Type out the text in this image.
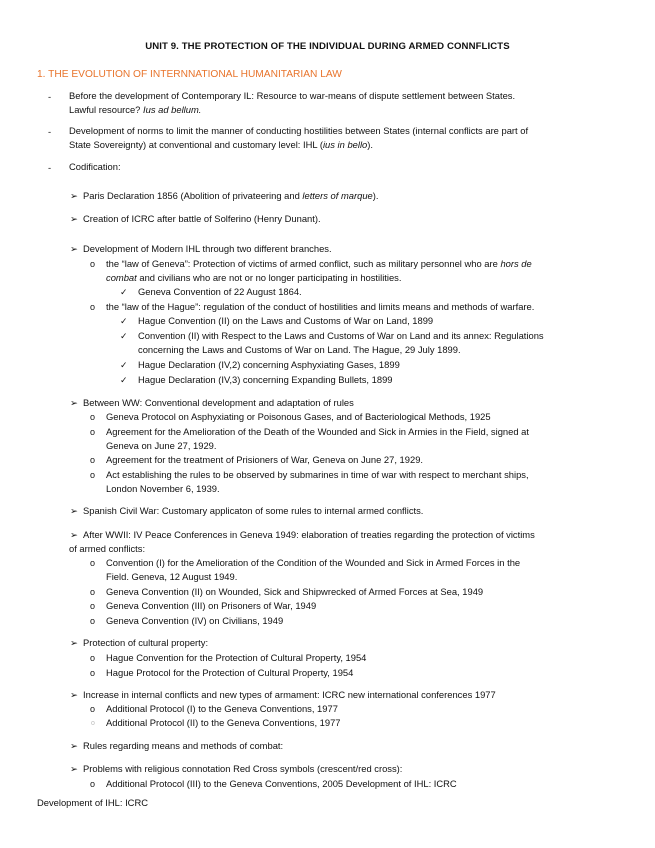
UNIT 9. THE PROTECTION OF THE INDIVIDUAL DURING ARMED CONNFLICTS
1. THE EVOLUTION OF INTERNNATIONAL HUMANITARIAN LAW
- Before the development of Contemporary IL: Resource to war-means of dispute settlement between States.
Lawful resource? Ius ad bellum.
- Development of norms to limit the manner of conducting hostilities between States (internal conflicts are part of
State Sovereignty) at conventional and customary level: IHL (ius in bello).
- Codification:
➢ Paris Declaration 1856 (Abolition of privateering and letters of marque).
➢ Creation of ICRC after battle of Solferino (Henry Dunant).
➢ Development of Modern IHL through two different branches.
o the “law of Geneva”: Protection of victims of armed conflict, such as military personnel who are hors de
combat and civilians who are not or no longer participating in hostilities.
✓ Geneva Convention of 22 August 1864.
o the “law of the Hague”: regulation of the conduct of hostilities and limits means and methods of warfare.
✓ Hague Convention (II) on the Laws and Customs of War on Land, 1899
✓ Convention (II) with Respect to the Laws and Customs of War on Land and its annex: Regulations
concerning the Laws and Customs of War on Land. The Hague, 29 July 1899.
✓ Hague Declaration (IV,2) concerning Asphyxiating Gases, 1899
✓ Hague Declaration (IV,3) concerning Expanding Bullets, 1899
➢ Between WW: Conventional development and adaptation of rules
o Geneva Protocol on Asphyxiating or Poisonous Gases, and of Bacteriological Methods, 1925
o Agreement for the Amelioration of the Death of the Wounded and Sick in Armies in the Field, signed at
Geneva on June 27, 1929.
o Agreement for the treatment of Prisioners of War, Geneva on June 27, 1929.
o Act establishing the rules to be observed by submarines in time of war with respect to merchant ships,
London November 6, 1939.
➢ Spanish Civil War: Customary applicaton of some rules to internal armed conflicts.
➢ After WWII: IV Peace Conferences in Geneva 1949: elaboration of treaties regarding the protection of victims
of armed conflicts:
o Convention (I) for the Amelioration of the Condition of the Wounded and Sick in Armed Forces in the
Field. Geneva, 12 August 1949.
o Geneva Convention (II) on Wounded, Sick and Shipwrecked of Armed Forces at Sea, 1949
o Geneva Convention (III) on Prisoners of War, 1949
o Geneva Convention (IV) on Civilians, 1949
➢ Protection of cultural property:
o Hague Convention for the Protection of Cultural Property, 1954
o Hague Protocol for the Protection of Cultural Property, 1954
➢ Increase in internal conflicts and new types of armament: ICRC new international conferences 1977
o Additional Protocol (I) to the Geneva Conventions, 1977
o Additional Protocol (II) to the Geneva Conventions, 1977
➢ Rules regarding means and methods of combat:
➢ Problems with religious connotation Red Cross symbols (crescent/red cross):
o Additional Protocol (III) to the Geneva Conventions, 2005 Development of IHL: ICRC
Development of IHL: ICRC
